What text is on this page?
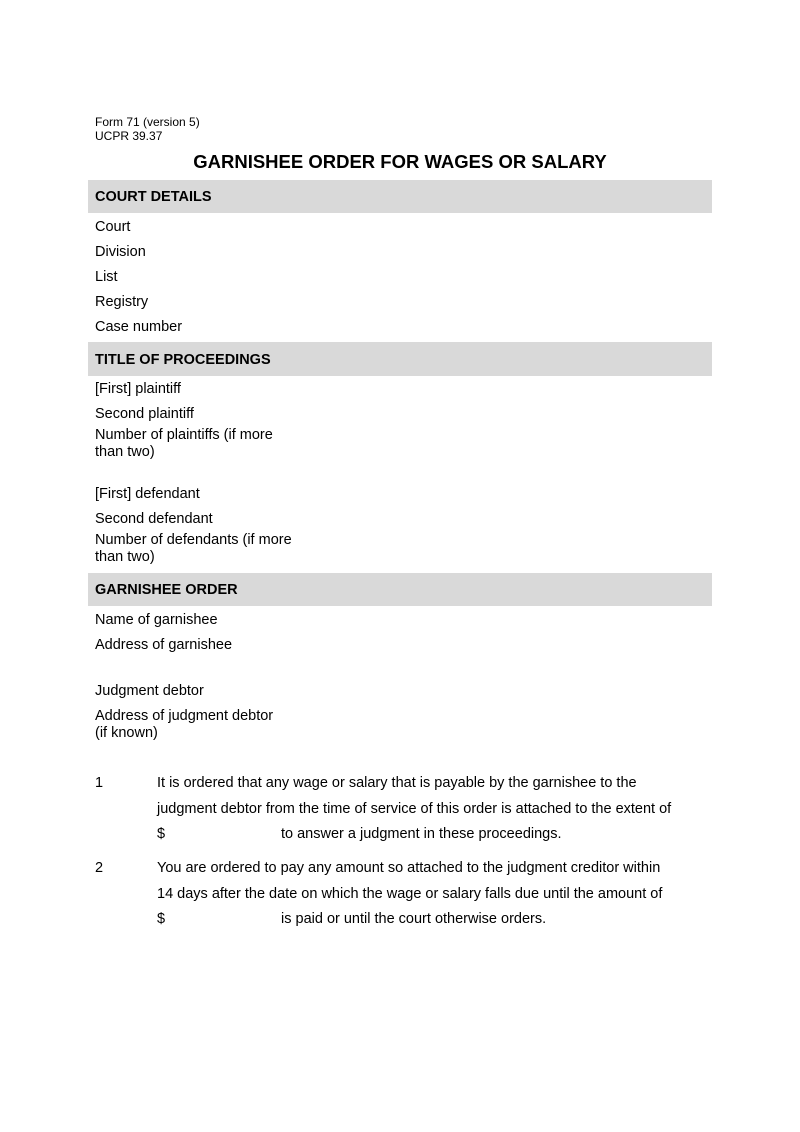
Form 71 (version 5)
UCPR 39.37
GARNISHEE ORDER FOR WAGES OR SALARY
COURT DETAILS
Court
Division
List
Registry
Case number
TITLE OF PROCEEDINGS
[First] plaintiff
Second plaintiff
Number of plaintiffs (if more
than two)
[First] defendant
Second defendant
Number of defendants (if more
than two)
GARNISHEE ORDER
Name of garnishee
Address of garnishee
Judgment debtor
Address of judgment debtor
(if known)
1	It is ordered that any wage or salary that is payable by the garnishee to the
judgment debtor from the time of service of this order is attached to the extent of
$	to answer a judgment in these proceedings.
2	You are ordered to pay any amount so attached to the judgment creditor within
14 days after the date on which the wage or salary falls due until the amount of
$	is paid or until the court otherwise orders.
